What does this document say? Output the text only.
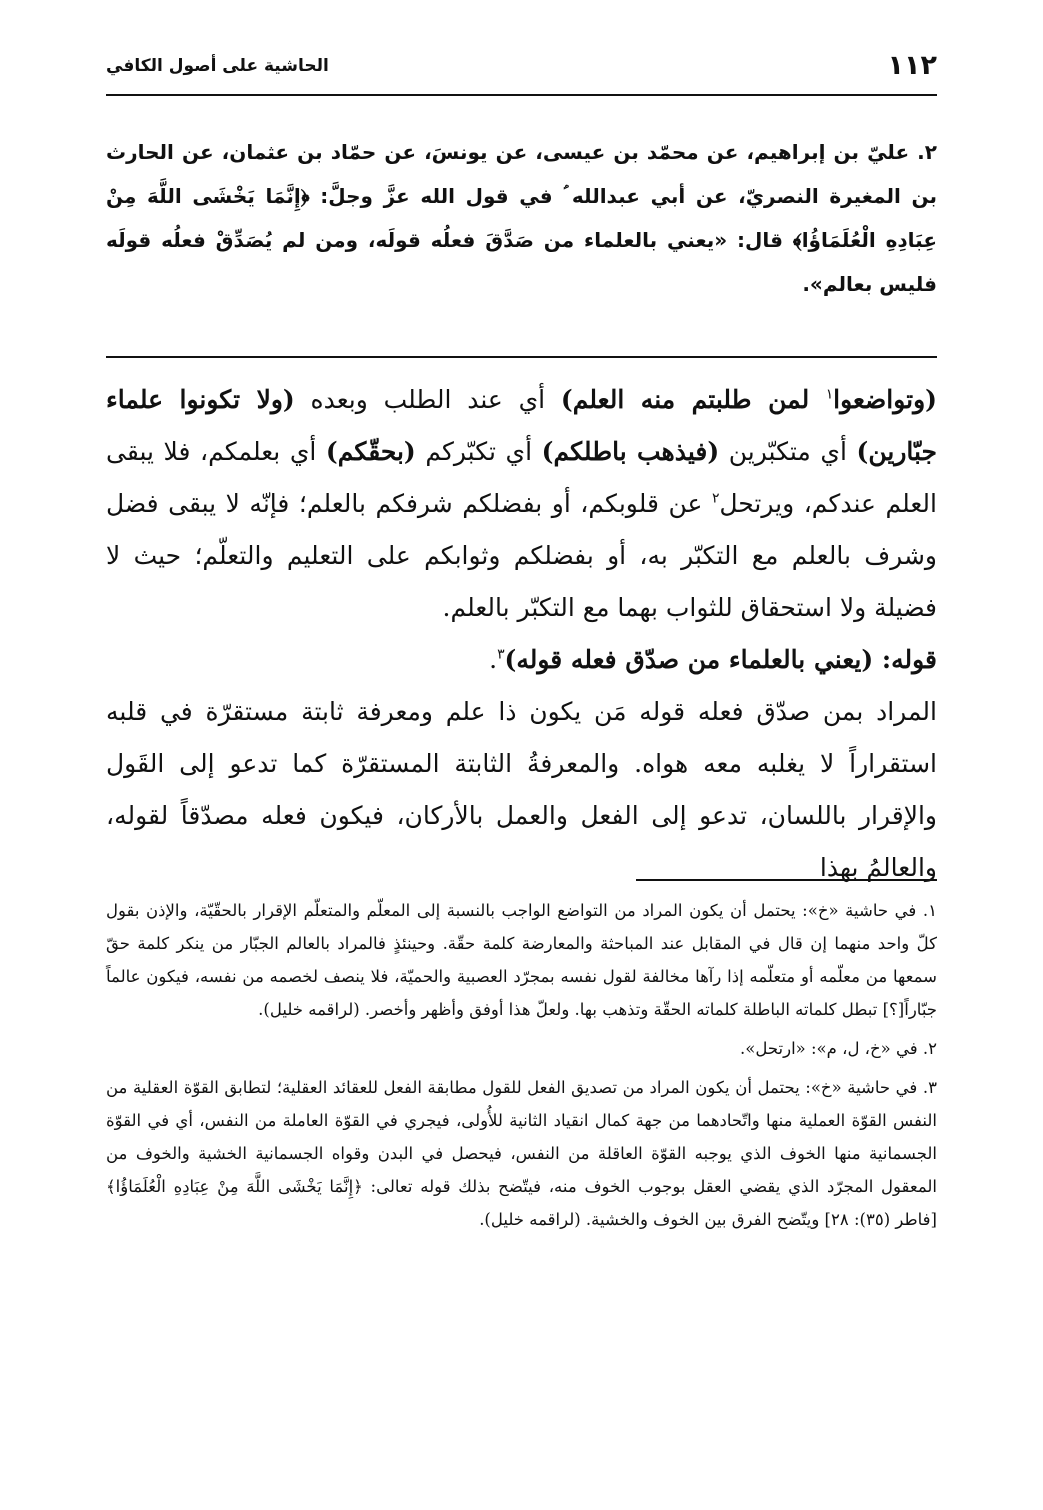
١١٢
الحاشية على أصول الكافي
٢. عليّ بن إبراهيم، عن محمّد بن عيسى، عن يونسَ، عن حمّاد بن عثمان، عن الحارث بن المغيرة النصريّ، عن أبي عبدالله ؑ في قول الله عزَّ وجلَّ: ﴿إِنَّمَا يَخْشَى اللَّهَ مِنْ عِبَادِهِ الْعُلَمَاؤُا﴾ قال: «يعني بالعلماء من صَدَّقَ فعلُه قولَه، ومن لم يُصَدِّقْ فعلُه قولَه فليس بعالم».

(وتواضعوا$^١$ لمن طلبتم منه العلم) أي عند الطلب وبعده (ولا تكونوا علماء جبّارين) أي متكبّرين (فيذهب باطلكم) أي تكبّركم (بحقّكم) أي بعلمكم، فلا يبقى العلم عندكم، ويرتحل$^٢$ عن قلوبكم، أو بفضلكم شرفكم بالعلم؛ فإنّه لا يبقى فضل وشرف بالعلم مع التكبّر به، أو بفضلكم وثوابكم على التعليم والتعلّم؛ حيث لا فضيلة ولا استحقاق للثواب بهما مع التكبّر بالعلم.

قوله: (يعني بالعلماء من صدّق فعله قوله)$^٣$.

المراد بمن صدّق فعله قوله مَن يكون ذا علم ومعرفة ثابتة مستقرّة في قلبه استقراراً لا يغلبه معه هواه. والمعرفةُ الثابتة المستقرّة كما تدعو إلى القَول والإقرار باللسان، تدعو إلى الفعل والعمل بالأركان، فيكون فعله مصدّقاً لقوله، والعالمُ بهذا

١. في حاشية «خ»: يحتمل أن يكون المراد من التواضع الواجب بالنسبة إلى المعلّم والمتعلّم الإقرار بالحقّيّة، والإذن بقول كلّ واحد منهما إن قال في المقابل عند المباحثة والمعارضة كلمة حقّة. وحينئذٍ فالمراد بالعالم الجبّار من ينكر كلمة حقّ سمعها من معلّمه أو متعلّمه إذا رآها مخالفة لقول نفسه بمجرّد العصبية والحميّة، فلا ينصف لخصمه من نفسه، فيكون عالماً جبّاراً[؟] تبطل كلماته الباطلة كلماته الحقّة وتذهب بها. ولعلّ هذا أوفق وأظهر وأخصر. (لراقمه خليل).

٢. في «خ، ل، م»: «ارتحل».

٣. في حاشية «خ»: يحتمل أن يكون المراد من تصديق الفعل للقول مطابقة الفعل للعقائد العقلية؛ لتطابق القوّة العقلية من النفس القوّة العملية منها واتّحادهما من جهة كمال انقياد الثانية للأُولى، فيجري في القوّة العاملة من النفس، أي في القوّة الجسمانية منها الخوف الذي يوجبه القوّة العاقلة من النفس، فيحصل في البدن وقواه الجسمانية الخشية والخوف من المعقول المجرّد الذي يقضي العقل بوجوب الخوف منه، فيتّضح بذلك قوله تعالى: ﴿إِنَّمَا يَخْشَى اللَّهَ مِنْ عِبَادِهِ الْعُلَمَاؤُا﴾ [فاطر (٣٥): ٢٨] ويتّضح الفرق بين الخوف والخشية. (لراقمه خليل).
